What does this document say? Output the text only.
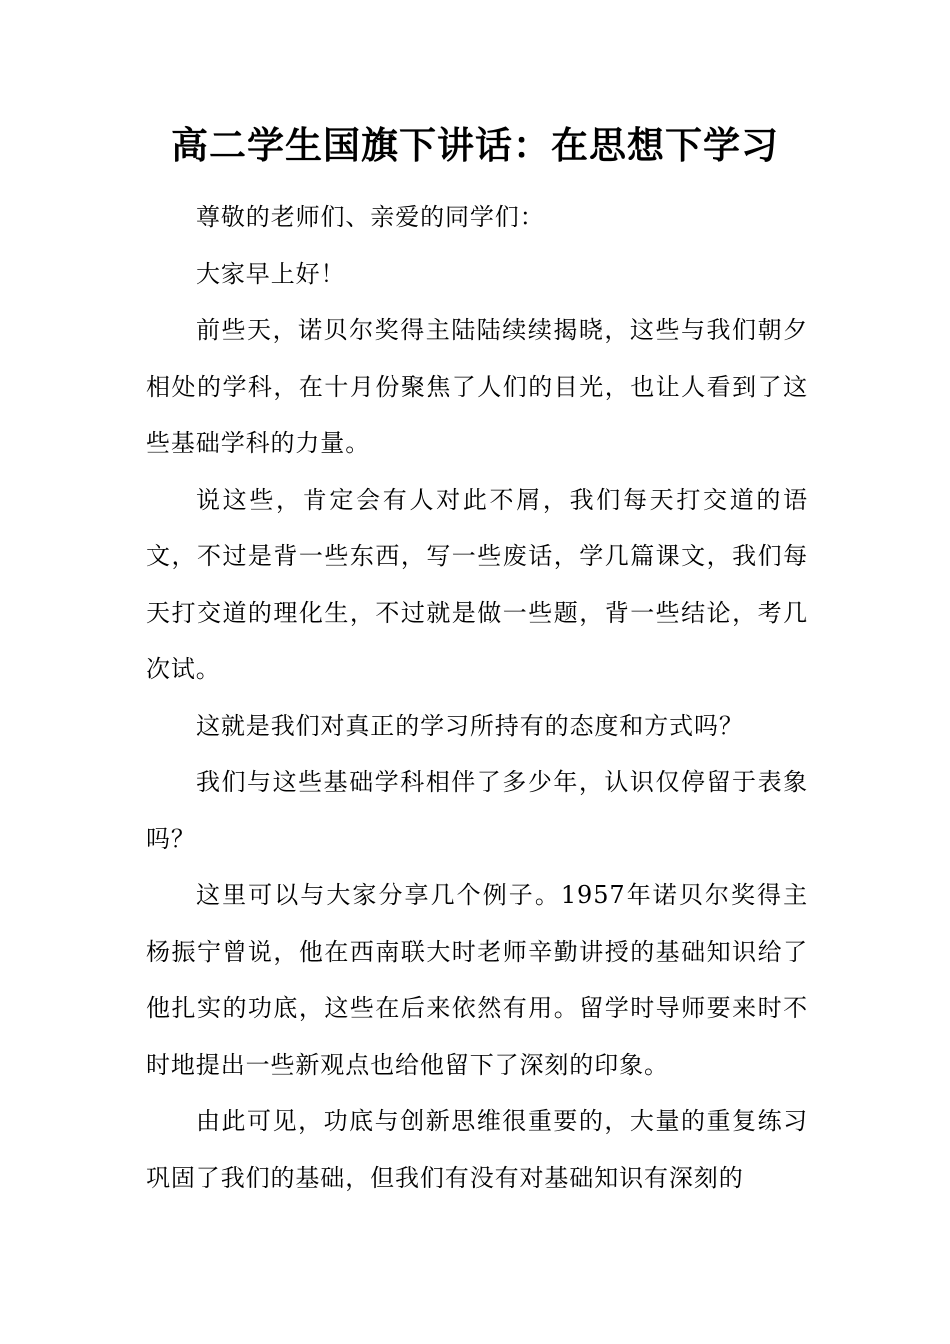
高二学生国旗下讲话：在思想下学习

尊敬的老师们、亲爱的同学们：

大家早上好！

前些天，诺贝尔奖得主陆陆续续揭晓，这些与我们朝夕相处的学科，在十月份聚焦了人们的目光，也让人看到了这些基础学科的力量。

说这些，肯定会有人对此不屑，我们每天打交道的语文，不过是背一些东西，写一些废话，学几篇课文，我们每天打交道的理化生，不过就是做一些题，背一些结论，考几次试。

这就是我们对真正的学习所持有的态度和方式吗？

我们与这些基础学科相伴了多少年，认识仅停留于表象吗？

这里可以与大家分享几个例子。1957年诺贝尔奖得主杨振宁曾说，他在西南联大时老师辛勤讲授的基础知识给了他扎实的功底，这些在后来依然有用。留学时导师要来时不时地提出一些新观点也给他留下了深刻的印象。

由此可见，功底与创新思维很重要的，大量的重复练习巩固了我们的基础，但我们有没有对基础知识有深刻的
